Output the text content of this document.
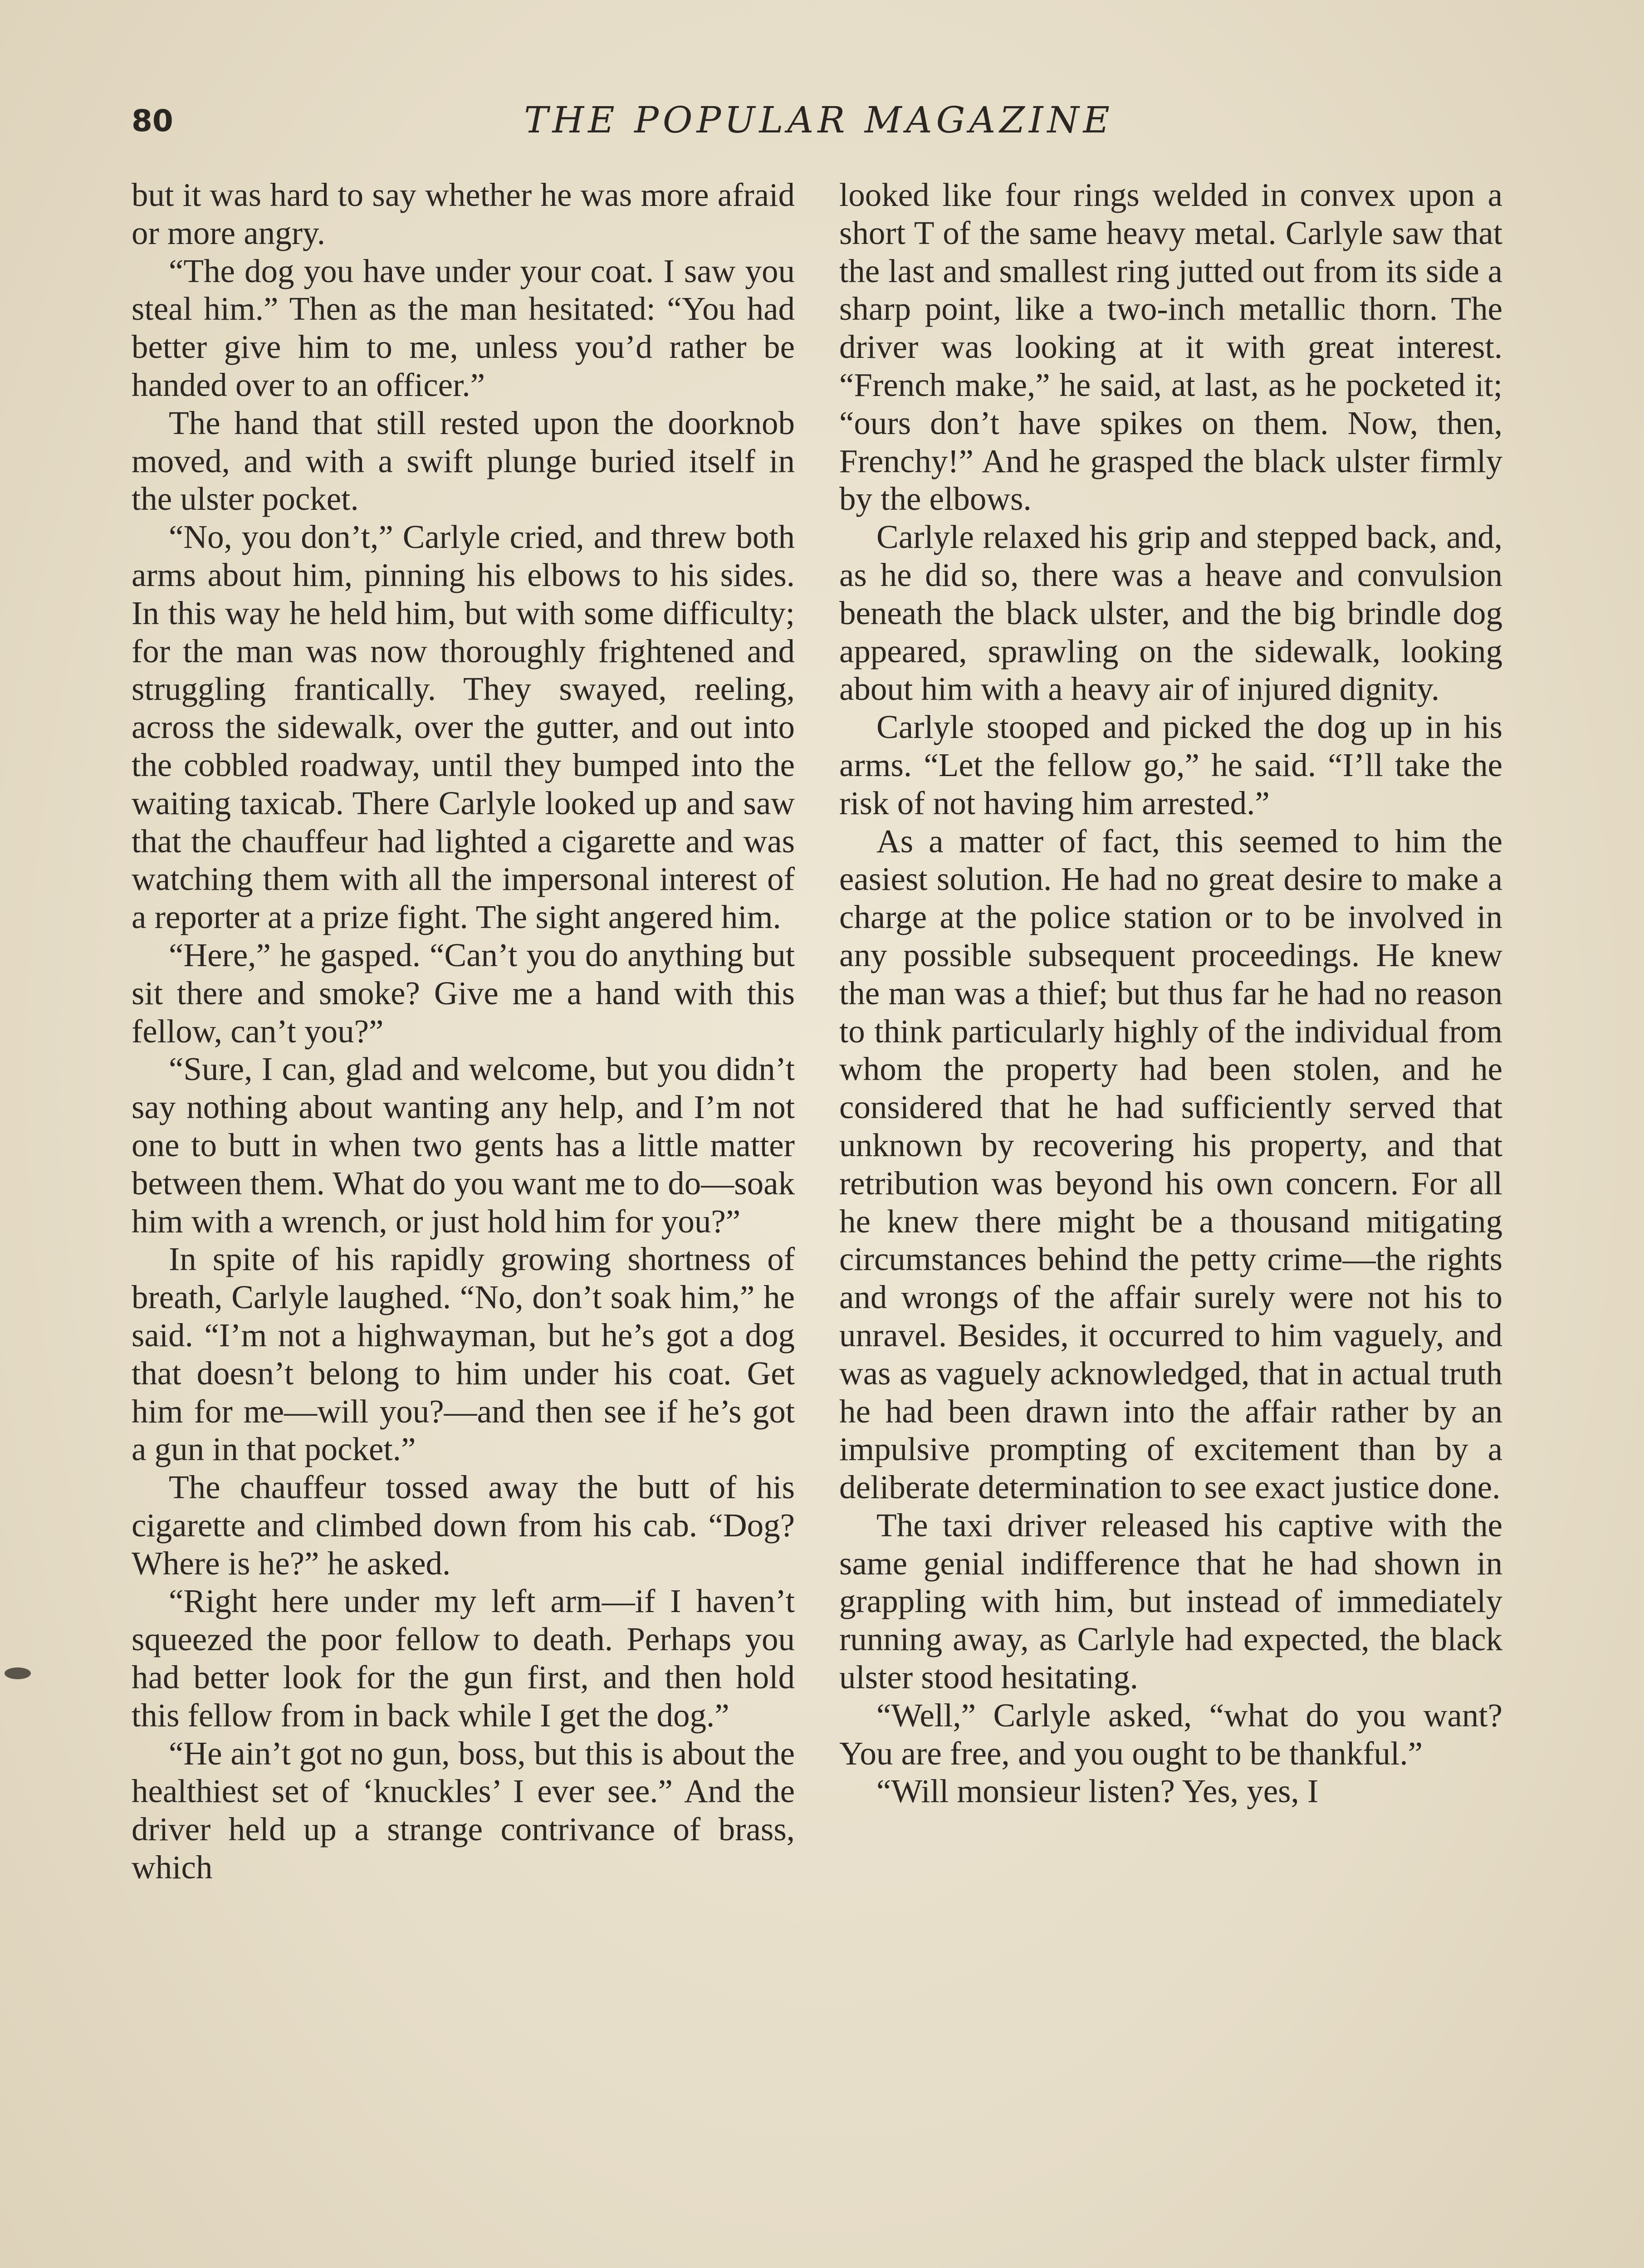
80	THE POPULAR MAGAZINE

but it was hard to say whether he was more afraid or more angry.

“The dog you have under your coat. I saw you steal him.” Then as the man hesitated: “You had better give him to me, unless you’d rather be handed over to an officer.”

The hand that still rested upon the doorknob moved, and with a swift plunge buried itself in the ulster pocket.

“No, you don’t,” Carlyle cried, and threw both arms about him, pinning his elbows to his sides. In this way he held him, but with some difficulty; for the man was now thoroughly frightened and struggling frantically. They swayed, reeling, across the sidewalk, over the gutter, and out into the cobbled roadway, until they bumped into the waiting taxicab. There Carlyle looked up and saw that the chauffeur had lighted a cigarette and was watching them with all the impersonal interest of a reporter at a prize fight. The sight angered him.

“Here,” he gasped. “Can’t you do anything but sit there and smoke? Give me a hand with this fellow, can’t you?”

“Sure, I can, glad and welcome, but you didn’t say nothing about wanting any help, and I’m not one to butt in when two gents has a little matter between them. What do you want me to do—soak him with a wrench, or just hold him for you?”

In spite of his rapidly growing shortness of breath, Carlyle laughed. “No, don’t soak him,” he said. “I’m not a highwayman, but he’s got a dog that doesn’t belong to him under his coat. Get him for me—will you?—and then see if he’s got a gun in that pocket.”

The chauffeur tossed away the butt of his cigarette and climbed down from his cab. “Dog? Where is he?” he asked.

“Right here under my left arm—if I haven’t squeezed the poor fellow to death. Perhaps you had better look for the gun first, and then hold this fellow from in back while I get the dog.”

“He ain’t got no gun, boss, but this is about the healthiest set of ‘knuckles’ I ever see.” And the driver held up a strange contrivance of brass, which

looked like four rings welded in convex upon a short T of the same heavy metal. Carlyle saw that the last and smallest ring jutted out from its side a sharp point, like a two-inch metallic thorn. The driver was looking at it with great interest. “French make,” he said, at last, as he pocketed it; “ours don’t have spikes on them. Now, then, Frenchy!” And he grasped the black ulster firmly by the elbows.

Carlyle relaxed his grip and stepped back, and, as he did so, there was a heave and convulsion beneath the black ulster, and the big brindle dog appeared, sprawling on the sidewalk, looking about him with a heavy air of injured dignity.

Carlyle stooped and picked the dog up in his arms. “Let the fellow go,” he said. “I’ll take the risk of not having him arrested.”

As a matter of fact, this seemed to him the easiest solution. He had no great desire to make a charge at the police station or to be involved in any possible subsequent proceedings. He knew the man was a thief; but thus far he had no reason to think particularly highly of the individual from whom the property had been stolen, and he considered that he had sufficiently served that unknown by recovering his property, and that retribution was beyond his own concern. For all he knew there might be a thousand mitigating circumstances behind the petty crime—the rights and wrongs of the affair surely were not his to unravel. Besides, it occurred to him vaguely, and was as vaguely acknowledged, that in actual truth he had been drawn into the affair rather by an impulsive prompting of excitement than by a deliberate determination to see exact justice done.

The taxi driver released his captive with the same genial indifference that he had shown in grappling with him, but instead of immediately running away, as Carlyle had expected, the black ulster stood hesitating.

“Well,” Carlyle asked, “what do you want? You are free, and you ought to be thankful.”

“Will monsieur listen? Yes, yes, I
